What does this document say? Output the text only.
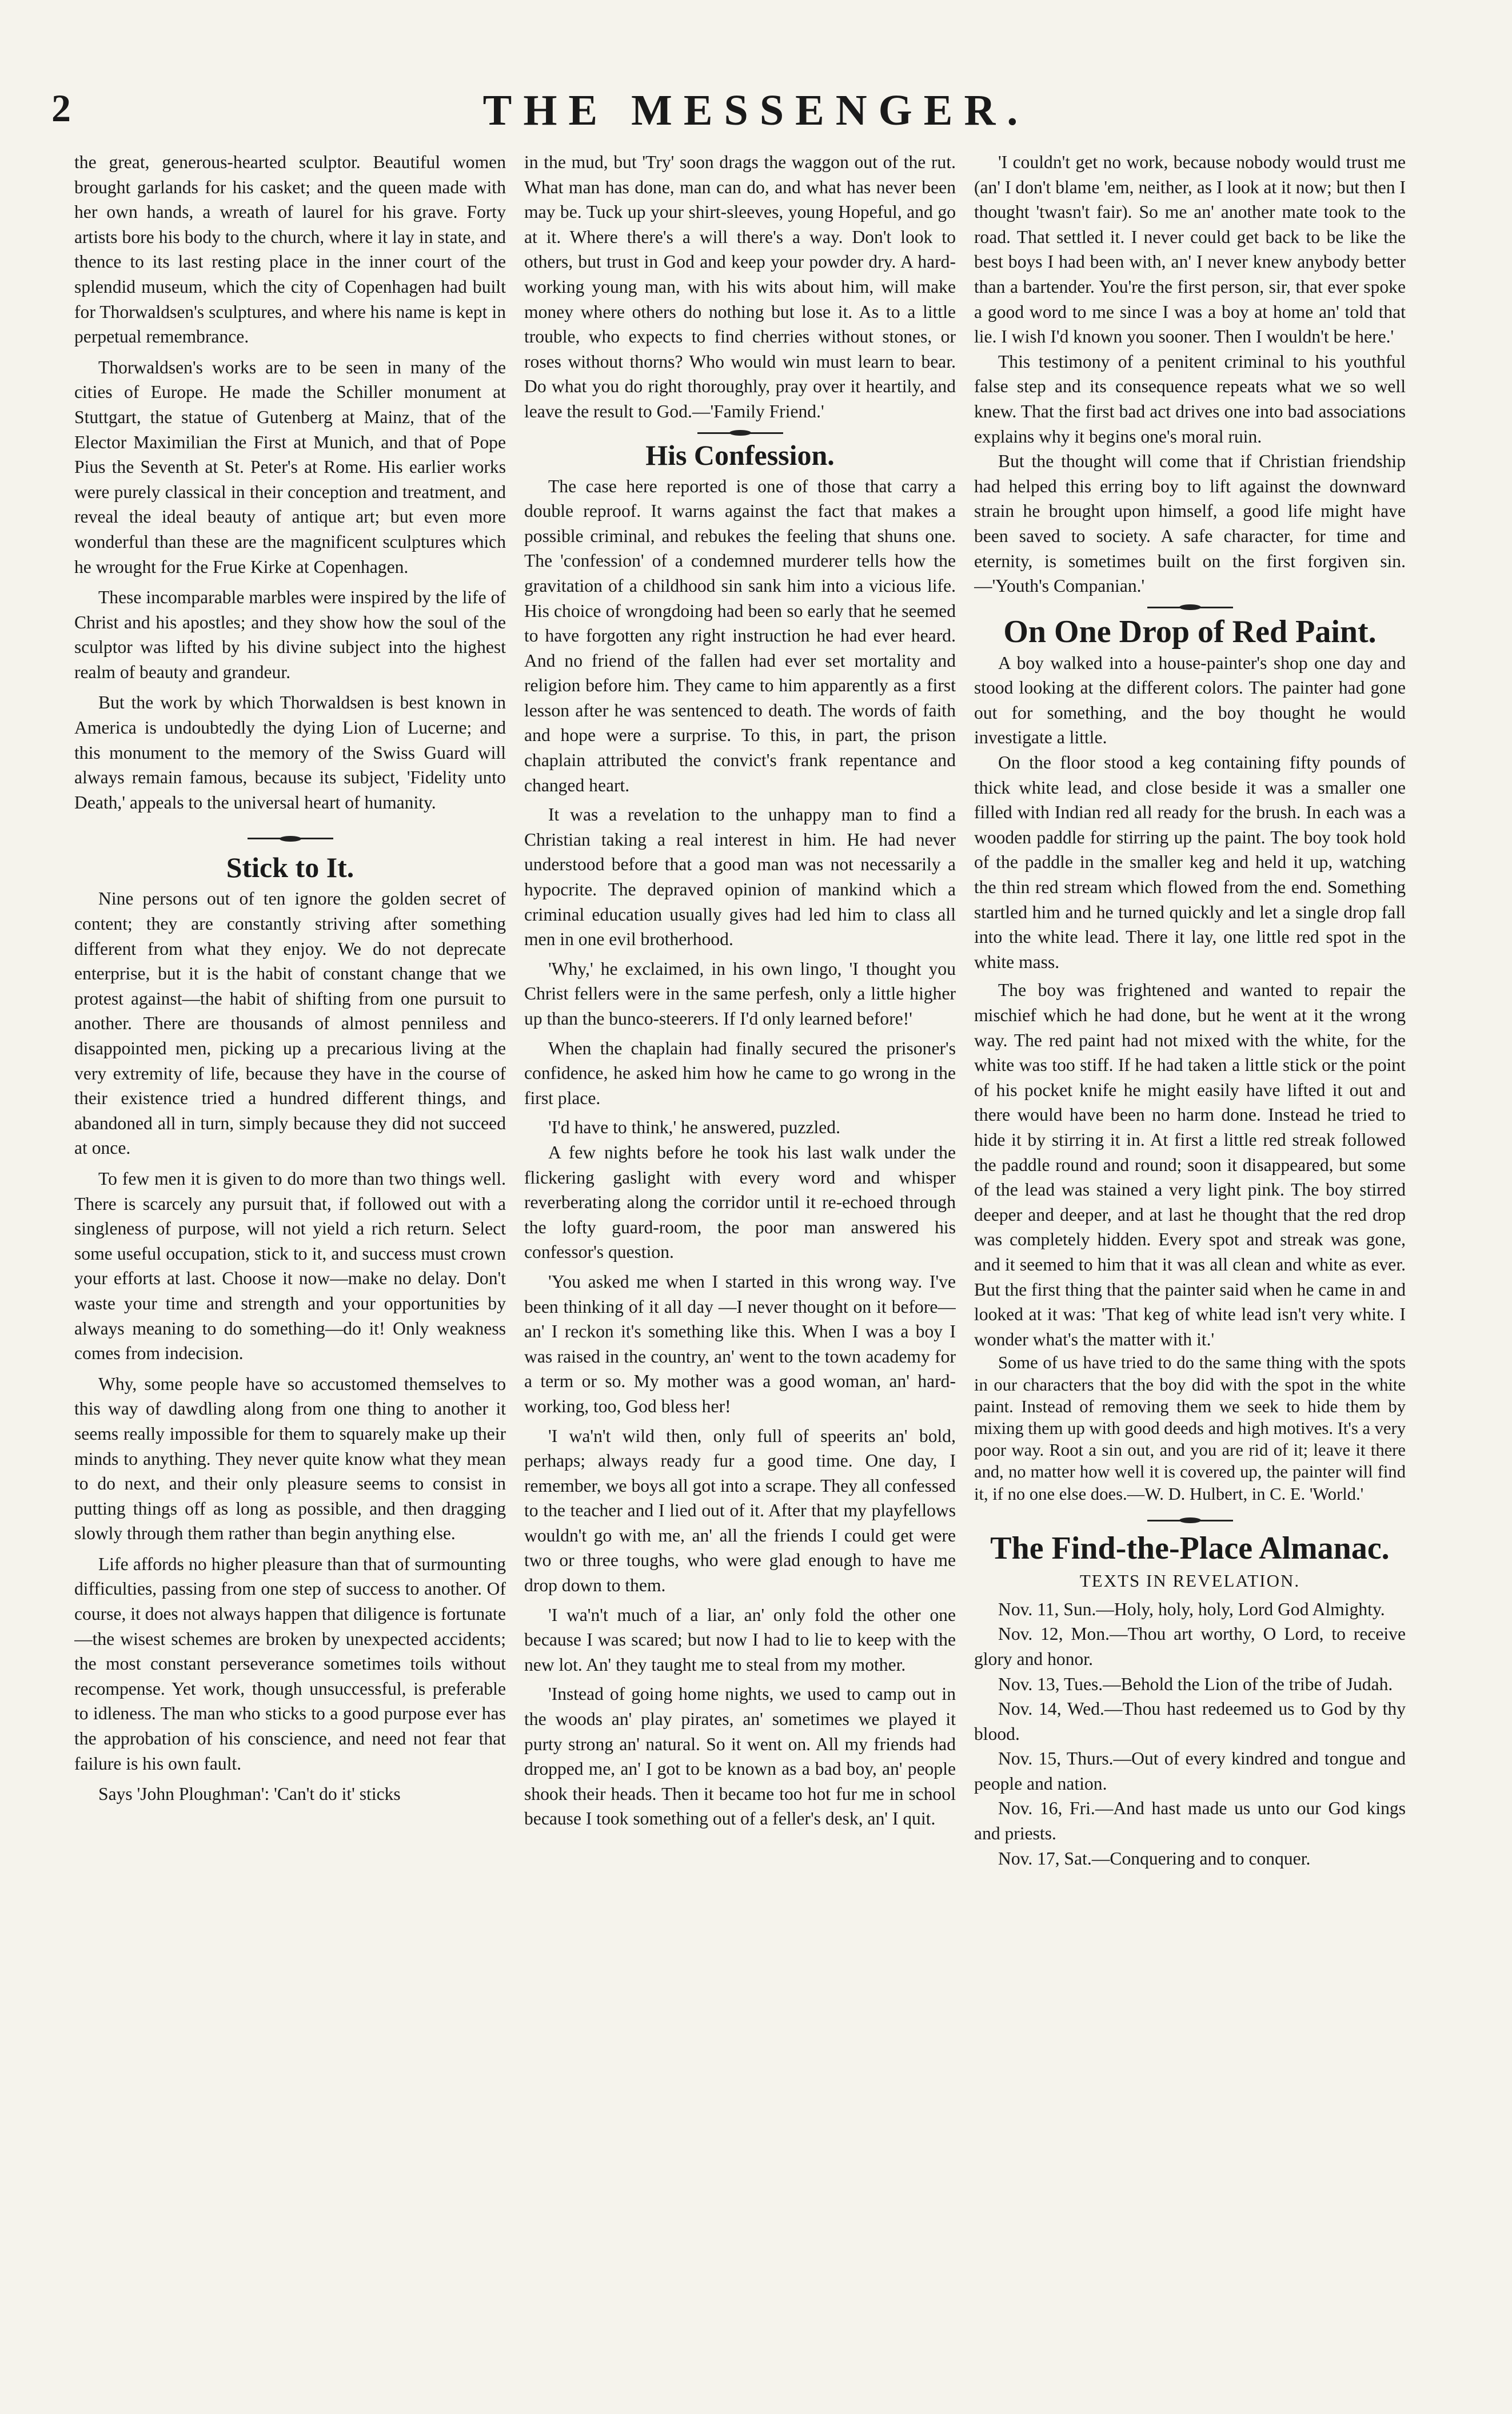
2	THE MESSENGER.

the great, generous-hearted sculptor. Beautiful women brought garlands for his casket; and the queen made with her own hands, a wreath of laurel for his grave. Forty artists bore his body to the church, where it lay in state, and thence to its last resting place in the inner court of the splendid museum, which the city of Copenhagen had built for Thorwaldsen's sculptures, and where his name is kept in perpetual remembrance.

Thorwaldsen's works are to be seen in many of the cities of Europe. He made the Schiller monument at Stuttgart, the statue of Gutenberg at Mainz, that of the Elector Maximilian the First at Munich, and that of Pope Pius the Seventh at St. Peter's at Rome. His earlier works were purely classical in their conception and treatment, and reveal the ideal beauty of antique art; but even more wonderful than these are the magnificent sculptures which he wrought for the Frue Kirke at Copenhagen.

These incomparable marbles were inspired by the life of Christ and his apostles; and they show how the soul of the sculptor was lifted by his divine subject into the highest realm of beauty and grandeur.

But the work by which Thorwaldsen is best known in America is undoubtedly the dying Lion of Lucerne; and this monument to the memory of the Swiss Guard will always remain famous, because its subject, 'Fidelity unto Death,' appeals to the universal heart of humanity.

Stick to It.

Nine persons out of ten ignore the golden secret of content; they are constantly striving after something different from what they enjoy. We do not deprecate enterprise, but it is the habit of constant change that we protest against—the habit of shifting from one pursuit to another. There are thousands of almost penniless and disappointed men, picking up a precarious living at the very extremity of life, because they have in the course of their existence tried a hundred different things, and abandoned all in turn, simply because they did not succeed at once.

To few men it is given to do more than two things well. There is scarcely any pursuit that, if followed out with a singleness of purpose, will not yield a rich return. Select some useful occupation, stick to it, and success must crown your efforts at last. Choose it now—make no delay. Don't waste your time and strength and your opportunities by always meaning to do something—do it! Only weakness comes from indecision.

Why, some people have so accustomed themselves to this way of dawdling along from one thing to another it seems really impossible for them to squarely make up their minds to anything. They never quite know what they mean to do next, and their only pleasure seems to consist in putting things off as long as possible, and then dragging slowly through them rather than begin anything else.

Life affords no higher pleasure than that of surmounting difficulties, passing from one step of success to another. Of course, it does not always happen that diligence is fortunate—the wisest schemes are broken by unexpected accidents; the most constant perseverance sometimes toils without recompense. Yet work, though unsuccessful, is preferable to idleness. The man who sticks to a good purpose ever has the approbation of his conscience, and need not fear that failure is his own fault.

Says 'John Ploughman': 'Can't do it' sticks

in the mud, but 'Try' soon drags the waggon out of the rut. What man has done, man can do, and what has never been may be. Tuck up your shirt-sleeves, young Hopeful, and go at it. Where there's a will there's a way. Don't look to others, but trust in God and keep your powder dry. A hard-working young man, with his wits about him, will make money where others do nothing but lose it. As to a little trouble, who expects to find cherries without stones, or roses without thorns? Who would win must learn to bear. Do what you do right thoroughly, pray over it heartily, and leave the result to God.—'Family Friend.'

His Confession.

The case here reported is one of those that carry a double reproof. It warns against the fact that makes a possible criminal, and rebukes the feeling that shuns one. The 'confession' of a condemned murderer tells how the gravitation of a childhood sin sank him into a vicious life. His choice of wrongdoing had been so early that he seemed to have forgotten any right instruction he had ever heard. And no friend of the fallen had ever set mortality and religion before him. They came to him apparently as a first lesson after he was sentenced to death. The words of faith and hope were a surprise. To this, in part, the prison chaplain attributed the convict's frank repentance and changed heart.

It was a revelation to the unhappy man to find a Christian taking a real interest in him. He had never understood before that a good man was not necessarily a hypocrite. The depraved opinion of mankind which a criminal education usually gives had led him to class all men in one evil brotherhood.

'Why,' he exclaimed, in his own lingo, 'I thought you Christ fellers were in the same perfesh, only a little higher up than the bunco-steerers. If I'd only learned before!'

When the chaplain had finally secured the prisoner's confidence, he asked him how he came to go wrong in the first place.

'I'd have to think,' he answered, puzzled.

A few nights before he took his last walk under the flickering gaslight with every word and whisper reverberating along the corridor until it re-echoed through the lofty guard-room, the poor man answered his confessor's question.

'You asked me when I started in this wrong way. I've been thinking of it all day —I never thought on it before—an' I reckon it's something like this. When I was a boy I was raised in the country, an' went to the town academy for a term or so. My mother was a good woman, an' hard-working, too, God bless her!

'I wa'n't wild then, only full of speerits an' bold, perhaps; always ready fur a good time. One day, I remember, we boys all got into a scrape. They all confessed to the teacher and I lied out of it. After that my playfellows wouldn't go with me, an' all the friends I could get were two or three toughs, who were glad enough to have me drop down to them.

'I wa'n't much of a liar, an' only fold the other one because I was scared; but now I had to lie to keep with the new lot. An' they taught me to steal from my mother.

'Instead of going home nights, we used to camp out in the woods an' play pirates, an' sometimes we played it purty strong an' natural. So it went on. All my friends had dropped me, an' I got to be known as a bad boy, an' people shook their heads. Then it became too hot fur me in school because I took something out of a feller's desk, an' I quit.

'I couldn't get no work, because nobody would trust me (an' I don't blame 'em, neither, as I look at it now; but then I thought 'twasn't fair). So me an' another mate took to the road. That settled it. I never could get back to be like the best boys I had been with, an' I never knew anybody better than a bartender. You're the first person, sir, that ever spoke a good word to me since I was a boy at home an' told that lie. I wish I'd known you sooner. Then I wouldn't be here.'

This testimony of a penitent criminal to his youthful false step and its consequence repeats what we so well knew. That the first bad act drives one into bad associations explains why it begins one's moral ruin.

But the thought will come that if Christian friendship had helped this erring boy to lift against the downward strain he brought upon himself, a good life might have been saved to society. A safe character, for time and eternity, is sometimes built on the first forgiven sin.—'Youth's Companian.'

On One Drop of Red Paint.

A boy walked into a house-painter's shop one day and stood looking at the different colors. The painter had gone out for something, and the boy thought he would investigate a little.

On the floor stood a keg containing fifty pounds of thick white lead, and close beside it was a smaller one filled with Indian red all ready for the brush. In each was a wooden paddle for stirring up the paint. The boy took hold of the paddle in the smaller keg and held it up, watching the thin red stream which flowed from the end. Something startled him and he turned quickly and let a single drop fall into the white lead. There it lay, one little red spot in the white mass.

The boy was frightened and wanted to repair the mischief which he had done, but he went at it the wrong way. The red paint had not mixed with the white, for the white was too stiff. If he had taken a little stick or the point of his pocket knife he might easily have lifted it out and there would have been no harm done. Instead he tried to hide it by stirring it in. At first a little red streak followed the paddle round and round; soon it disappeared, but some of the lead was stained a very light pink. The boy stirred deeper and deeper, and at last he thought that the red drop was completely hidden. Every spot and streak was gone, and it seemed to him that it was all clean and white as ever. But the first thing that the painter said when he came in and looked at it was: 'That keg of white lead isn't very white. I wonder what's the matter with it.'

Some of us have tried to do the same thing with the spots in our characters that the boy did with the spot in the white paint. Instead of removing them we seek to hide them by mixing them up with good deeds and high motives. It's a very poor way. Root a sin out, and you are rid of it; leave it there and, no matter how well it is covered up, the painter will find it, if no one else does.—W. D. Hulbert, in C. E. 'World.'

The Find-the-Place Almanac.
TEXTS IN REVELATION.

Nov. 11, Sun.—Holy, holy, holy, Lord God Almighty.

Nov. 12, Mon.—Thou art worthy, O Lord, to receive glory and honor.

Nov. 13, Tues.—Behold the Lion of the tribe of Judah.

Nov. 14, Wed.—Thou hast redeemed us to God by thy blood.

Nov. 15, Thurs.—Out of every kindred and tongue and people and nation.

Nov. 16, Fri.—And hast made us unto our God kings and priests.

Nov. 17, Sat.—Conquering and to conquer.
